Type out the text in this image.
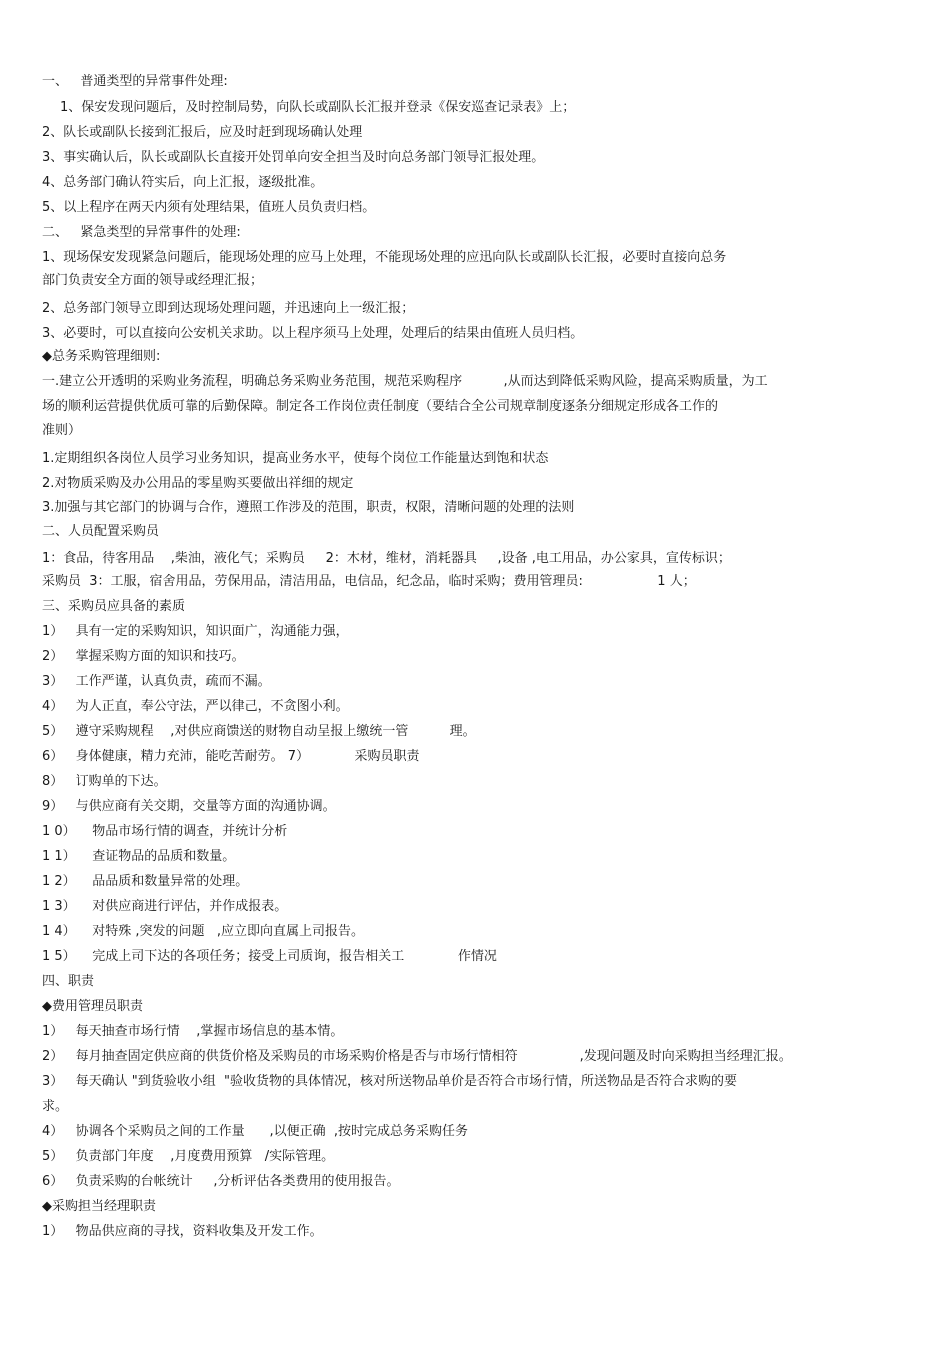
一、   普通类型的异常事件处理:
1、保安发现问题后，及时控制局势，向队长或副队长汇报并登录《保安巡查记录表》上；
2、队长或副队长接到汇报后，应及时赶到现场确认处理
3、事实确认后，队长或副队长直接开处罚单向安全担当及时向总务部门领导汇报处理。
4、总务部门确认符实后，向上汇报，逐级批准。
5、以上程序在两天内须有处理结果，值班人员负责归档。
二、   紧急类型的异常事件的处理:
1、现场保安发现紧急问题后，能现场处理的应马上处理，不能现场处理的应迅向队长或副队长汇报，必要时直接向总务
部门负责安全方面的领导或经理汇报；
2、总务部门领导立即到达现场处理问题，并迅速向上一级汇报；
3、必要时，可以直接向公安机关求助。以上程序须马上处理，处理后的结果由值班人员归档。
◆总务采购管理细则:
一.建立公开透明的采购业务流程，明确总务采购业务范围，规范采购程序          ,从而达到降低采购风险，提高采购质量，为工
场的顺利运营提供优质可靠的后勤保障。制定各工作岗位责任制度（要结合全公司规章制度逐条分细规定形成各工作的
准则）
1.定期组织各岗位人员学习业务知识，提高业务水平，使每个岗位工作能量达到饱和状态
2.对物质采购及办公用品的零星购买要做出祥细的规定
3.加强与其它部门的协调与合作，遵照工作涉及的范围，职责，权限，清晰问题的处理的法则
二、人员配置采购员
1：食品，待客用品    ,柴油，液化气；采购员     2：木材，维材，消耗器具     ,设备 ,电工用品，办公家具，宣传标识；
采购员  3：工服，宿舍用品，劳保用品，清洁用品，电信品，纪念品，临时采购；费用管理员:                  1 人；
三、采购员应具备的素质
1）   具有一定的采购知识，知识面广，沟通能力强，
2）   掌握采购方面的知识和技巧。
3）   工作严谨，认真负责，疏而不漏。
4）   为人正直，奉公守法，严以律己，不贪图小利。
5）   遵守采购规程    ,对供应商馈送的财物自动呈报上缴统一管          理。
6）   身体健康，精力充沛，能吃苦耐劳。 7）           采购员职责
8）   订购单的下达。
9）   与供应商有关交期，交量等方面的沟通协调。
1 0）    物品市场行情的调查，并统计分析
1 1）    查证物品的品质和数量。
1 2）    品品质和数量异常的处理。
1 3）    对供应商进行评估，并作成报表。
1 4）    对特殊 ,突发的问题   ,应立即向直属上司报告。
1 5）    完成上司下达的各项任务；接受上司质询，报告相关工             作情况
四、职责
◆费用管理员职责
1）   每天抽查市场行情    ,掌握市场信息的基本情。
2）   每月抽查固定供应商的供货价格及采购员的市场采购价格是否与市场行情相符               ,发现问题及时向采购担当经理汇报。
3）   每天确认 "到货验收小组  "验收货物的具体情况，核对所送物品单价是否符合市场行情，所送物品是否符合求购的要
求。
4）   协调各个采购员之间的工作量      ,以便正确  ,按时完成总务采购任务
5）   负责部门年度    ,月度费用预算   /实际管理。
6）   负责采购的台帐统计     ,分析评估各类费用的使用报告。
◆采购担当经理职责
1）   物品供应商的寻找，资料收集及开发工作。
